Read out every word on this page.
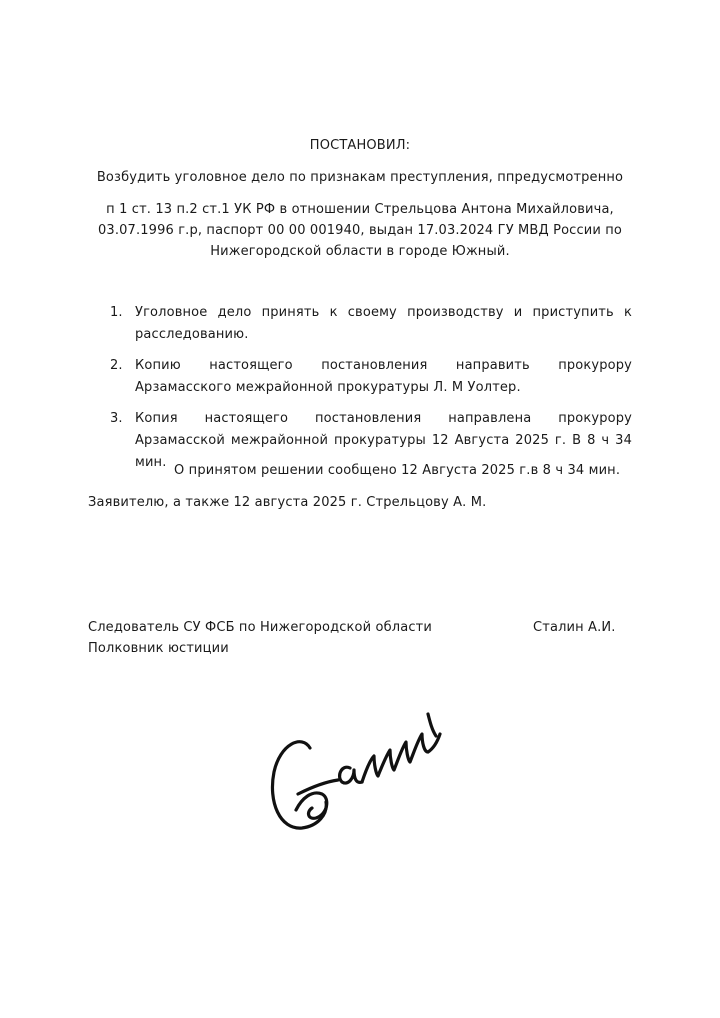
ПОСТАНОВИЛ:
Возбудить уголовное дело по признакам преступления, ппредусмотренно
п 1 ст. 13 п.2 ст.1 УК РФ в отношении Стрельцова Антона Михайловича,
03.07.1996 г.р, паспорт 00 00 001940, выдан 17.03.2024 ГУ МВД России по
Нижегородской области в городе Южный.
1. Уголовное дело принять к своему производству и приступить к расследованию.
2. Копию настоящего постановления направить прокурору Арзамасского межрайонной прокуратуры Л. М Уолтер.
3. Копия настоящего постановления направлена прокурору Арзамасской межрайонной прокуратуры 12 Августа 2025 г. В 8 ч 34 мин.
О принятом решении сообщено 12 Августа 2025 г.в 8 ч 34 мин.
Заявителю, а также 12 августа 2025 г. Стрельцову А. М.
Следователь СУ ФСБ по Нижегородской области	Сталин А.И.
Полковник юстиции
